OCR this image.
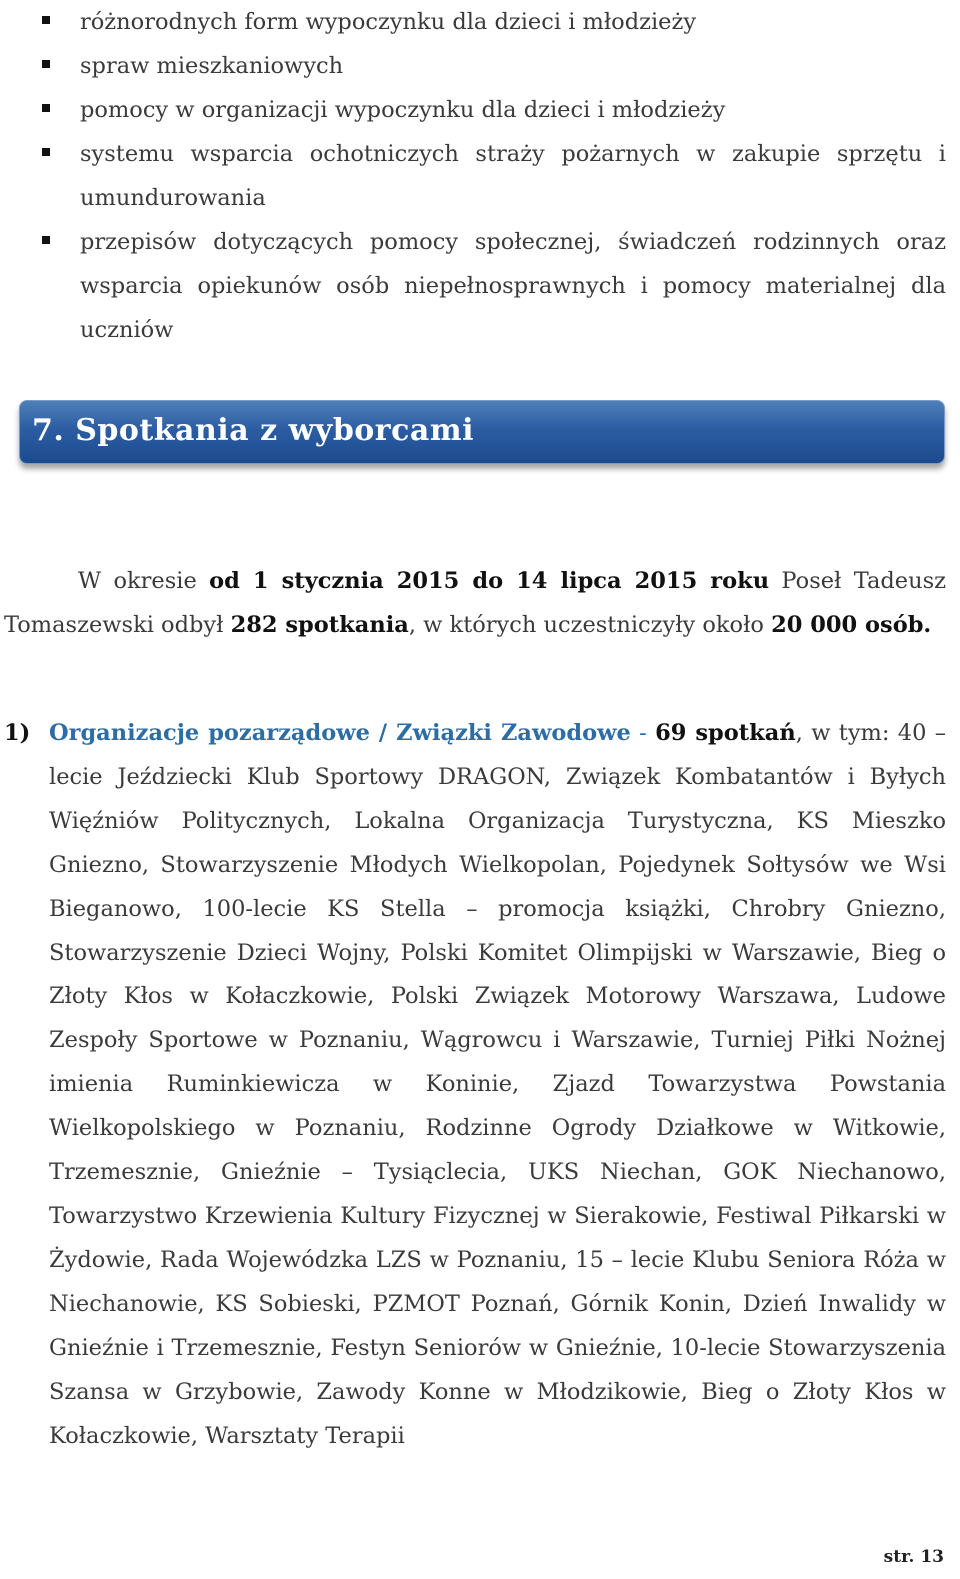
różnorodnych form wypoczynku dla dzieci i młodzieży
spraw mieszkaniowych
pomocy w organizacji wypoczynku dla dzieci i młodzieży
systemu wsparcia ochotniczych straży pożarnych w zakupie sprzętu i umundurowania
przepisów dotyczących pomocy społecznej, świadczeń rodzinnych oraz wsparcia opiekunów osób niepełnosprawnych i pomocy materialnej dla uczniów
7. Spotkania z wyborcami

W okresie od 1 stycznia 2015 do 14 lipca 2015 roku Poseł Tadeusz Tomaszewski odbył 282 spotkania, w których uczestniczyły około 20 000 osób.

1) Organizacje pozarządowe / Związki Zawodowe - 69 spotkań, w tym: 40 – lecie Jeździecki Klub Sportowy DRAGON, Związek Kombatantów i Byłych Więźniów Politycznych, Lokalna Organizacja Turystyczna, KS Mieszko Gniezno, Stowarzyszenie Młodych Wielkopolan, Pojedynek Sołtysów we Wsi Bieganowo, 100-lecie KS Stella – promocja książki, Chrobry Gniezno, Stowarzyszenie Dzieci Wojny, Polski Komitet Olimpijski w Warszawie, Bieg o Złoty Kłos w Kołaczkowie, Polski Związek Motorowy Warszawa, Ludowe Zespoły Sportowe w Poznaniu, Wągrowcu i Warszawie, Turniej Piłki Nożnej imienia Ruminkiewicza w Koninie, Zjazd Towarzystwa Powstania Wielkopolskiego w Poznaniu, Rodzinne Ogrody Działkowe w Witkowie, Trzemesznie, Gnieźnie – Tysiąclecia, UKS Niechan, GOK Niechanowo, Towarzystwo Krzewienia Kultury Fizycznej w Sierakowie, Festiwal Piłkarski w Żydowie, Rada Wojewódzka LZS w Poznaniu, 15 – lecie Klubu Seniora Róża w Niechanowie, KS Sobieski, PZMOT Poznań, Górnik Konin, Dzień Inwalidy w Gnieźnie i Trzemesznie, Festyn Seniorów w Gnieźnie, 10-lecie Stowarzyszenia Szansa w Grzybowie, Zawody Konne w Młodzikowie, Bieg o Złoty Kłos w Kołaczkowie, Warsztaty Terapii

str. 13
